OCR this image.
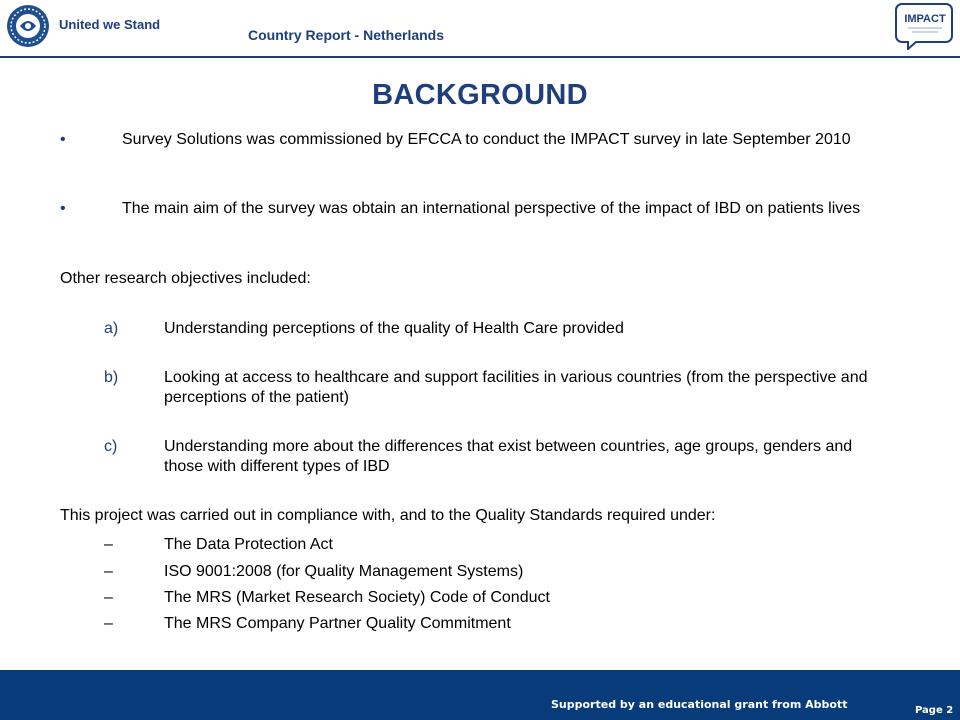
United we Stand
Country Report - Netherlands
IMPACT
BACKGROUND
•	Survey Solutions was commissioned by EFCCA to conduct the IMPACT survey in late September 2010
•	The main aim of the survey was obtain an international perspective of the impact of IBD on patients lives
Other research objectives included:
a)	Understanding perceptions of the quality of Health Care provided
b)	Looking at access to healthcare and support facilities in various countries (from the perspective and perceptions of the patient)
c)	Understanding more about the differences that exist between countries, age groups, genders and those with different types of IBD
This project was carried out in compliance with, and to the Quality Standards required under:
–	The Data Protection Act
–	ISO 9001:2008 (for Quality Management Systems)
–	The MRS (Market Research Society) Code of Conduct
–	The MRS Company Partner Quality Commitment
Supported by an educational grant from Abbott	Page 2
